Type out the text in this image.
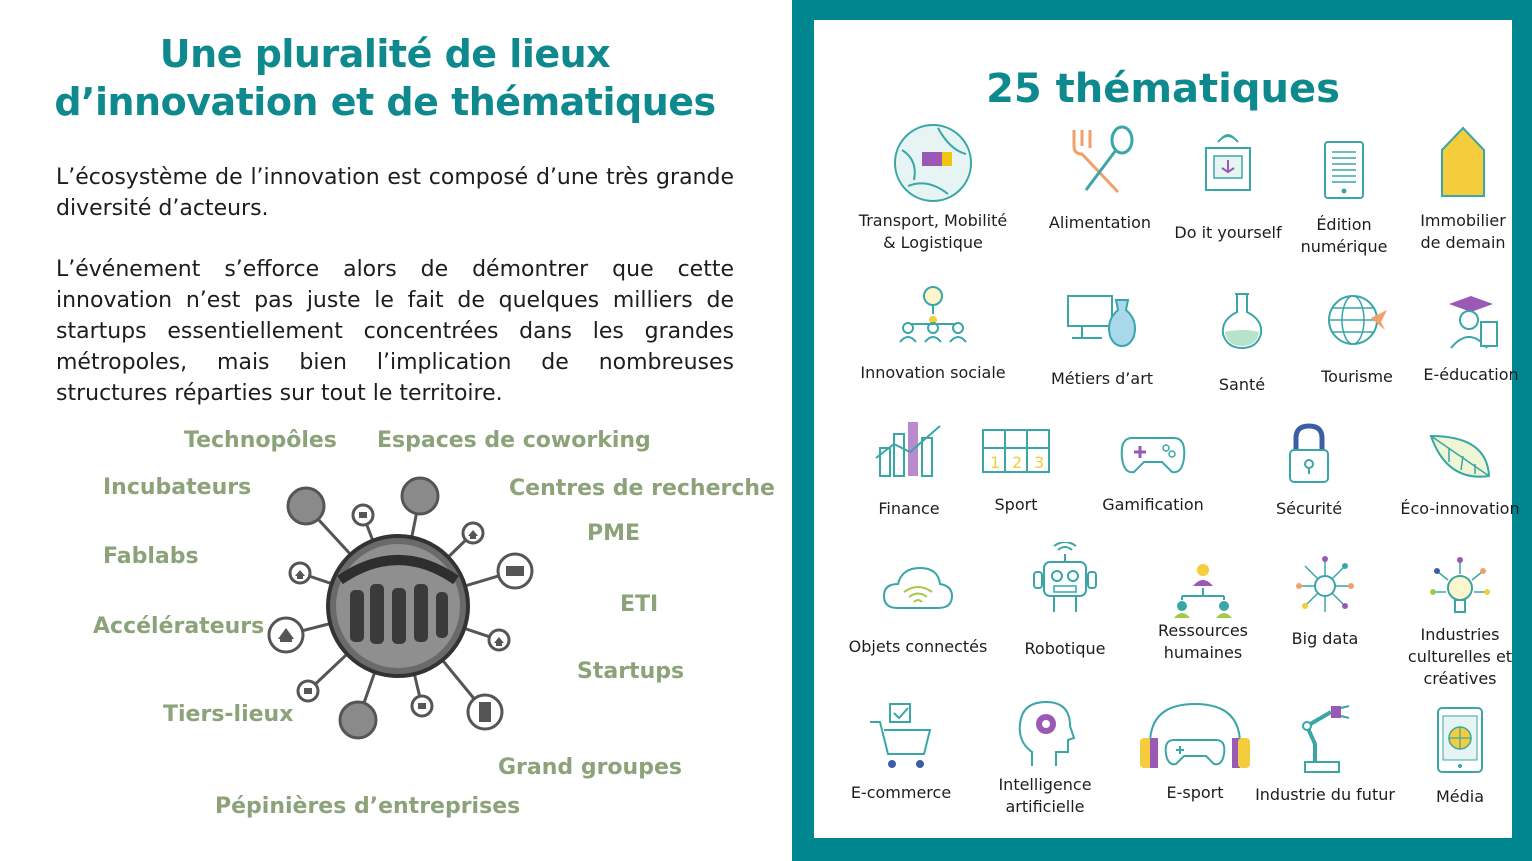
Une pluralité de lieux
d’innovation et de thématiques
L’écosystème de l’innovation est composé d’une très grande diversité d’acteurs.
L’événement s’efforce alors de démontrer que cette innovation n’est pas juste le fait de quelques milliers de startups essentiellement concentrées dans les grandes métropoles, mais bien l’implication de nombreuses structures réparties sur tout le territoire.
Technopôles Espaces de coworking
Incubateurs	Centres de recherche
PME
Fablabs
ETI
Accélérateurs
Startups
Tiers-lieux
Grand groupes
Pépinières d’entreprises
25 thématiques
Transport, Mobilité
& Logistique
Alimentation
Do it yourself	Édition
numérique
Immobilier
de demain
Innovation sociale	Métiers d’art	Santé	Tourisme	E-éducation
Finance
1 2 3
Sport	Gamification	Sécurité	Éco-innovation
Objets connectés	Robotique
Ressources
humaines
Big data	Industries
culturelles et
créatives
E-commerce	Intelligence
artificielle
E-sport	Industrie du futur	Média
